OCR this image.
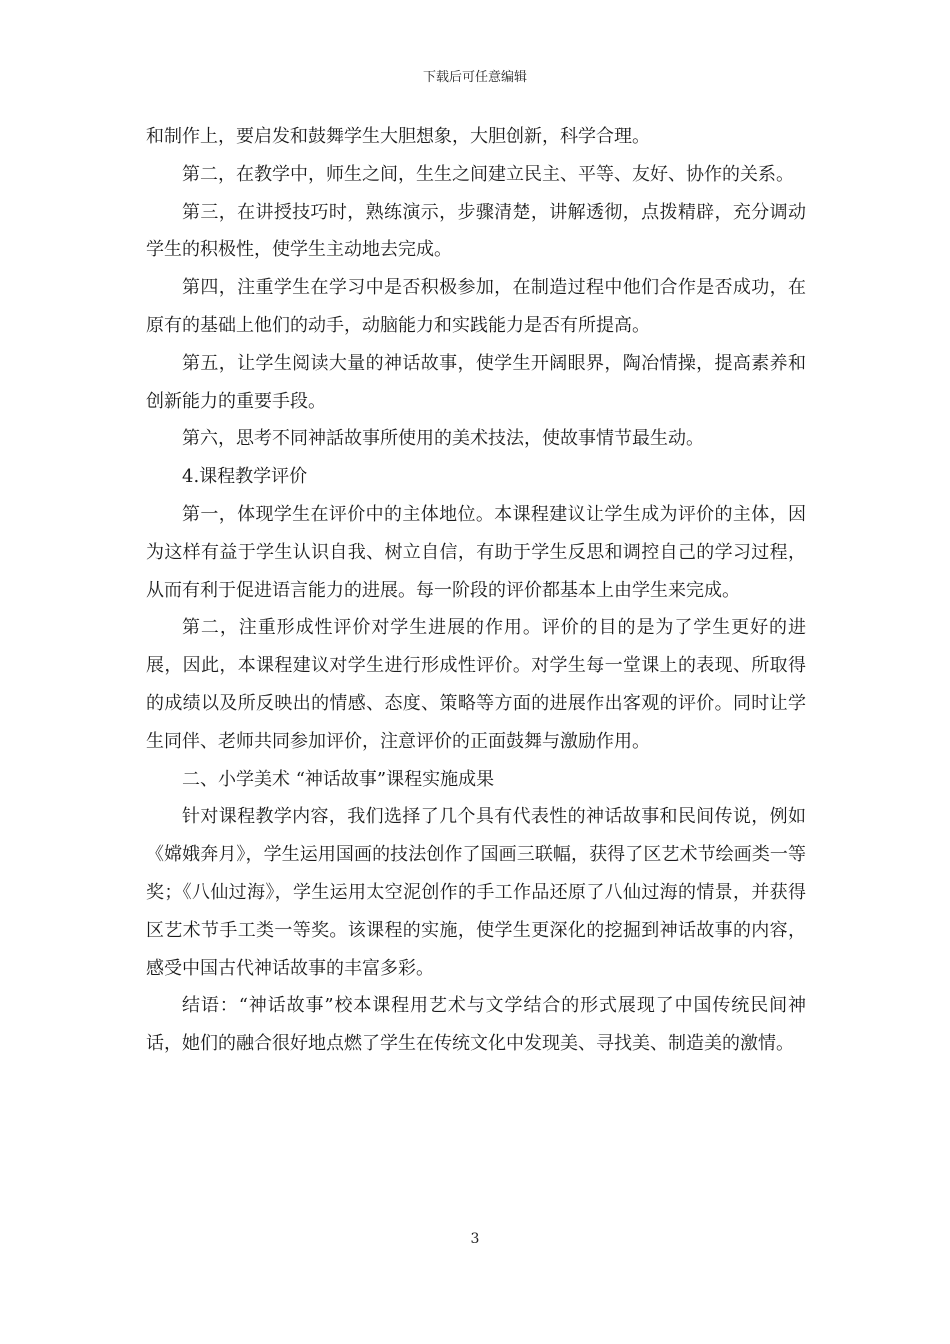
下载后可任意编辑

和制作上，要启发和鼓舞学生大胆想象，大胆创新，科学合理。

第二，在教学中，师生之间，生生之间建立民主、平等、友好、协作的关系。

第三，在讲授技巧时，熟练演示，步骤清楚，讲解透彻，点拨精辟，充分调动学生的积极性，使学生主动地去完成。

第四，注重学生在学习中是否积极参加，在制造过程中他们合作是否成功，在原有的基础上他们的动手，动脑能力和实践能力是否有所提高。

第五，让学生阅读大量的神话故事，使学生开阔眼界，陶冶情操，提高素养和创新能力的重要手段。

第六，思考不同神話故事所使用的美术技法，使故事情节最生动。

4.课程教学评价

第一，体现学生在评价中的主体地位。本课程建议让学生成为评价的主体，因为这样有益于学生认识自我、树立自信，有助于学生反思和调控自己的学习过程，从而有利于促进语言能力的进展。每一阶段的评价都基本上由学生来完成。

第二，注重形成性评价对学生进展的作用。评价的目的是为了学生更好的进展，因此，本课程建议对学生进行形成性评价。对学生每一堂课上的表现、所取得的成绩以及所反映出的情感、态度、策略等方面的进展作出客观的评价。同时让学生同伴、老师共同参加评价，注意评价的正面鼓舞与激励作用。

二、小学美术 “神话故事”课程实施成果

针对课程教学内容，我们选择了几个具有代表性的神话故事和民间传说，例如《嫦娥奔月》，学生运用国画的技法创作了国画三联幅，获得了区艺术节绘画类一等奖；《八仙过海》，学生运用太空泥创作的手工作品还原了八仙过海的情景，并获得区艺术节手工类一等奖。该课程的实施，使学生更深化的挖掘到神话故事的内容，感受中国古代神话故事的丰富多彩。

结语：“神话故事”校本课程用艺术与文学结合的形式展现了中国传统民间神话，她们的融合很好地点燃了学生在传统文化中发现美、寻找美、制造美的激情。

3
